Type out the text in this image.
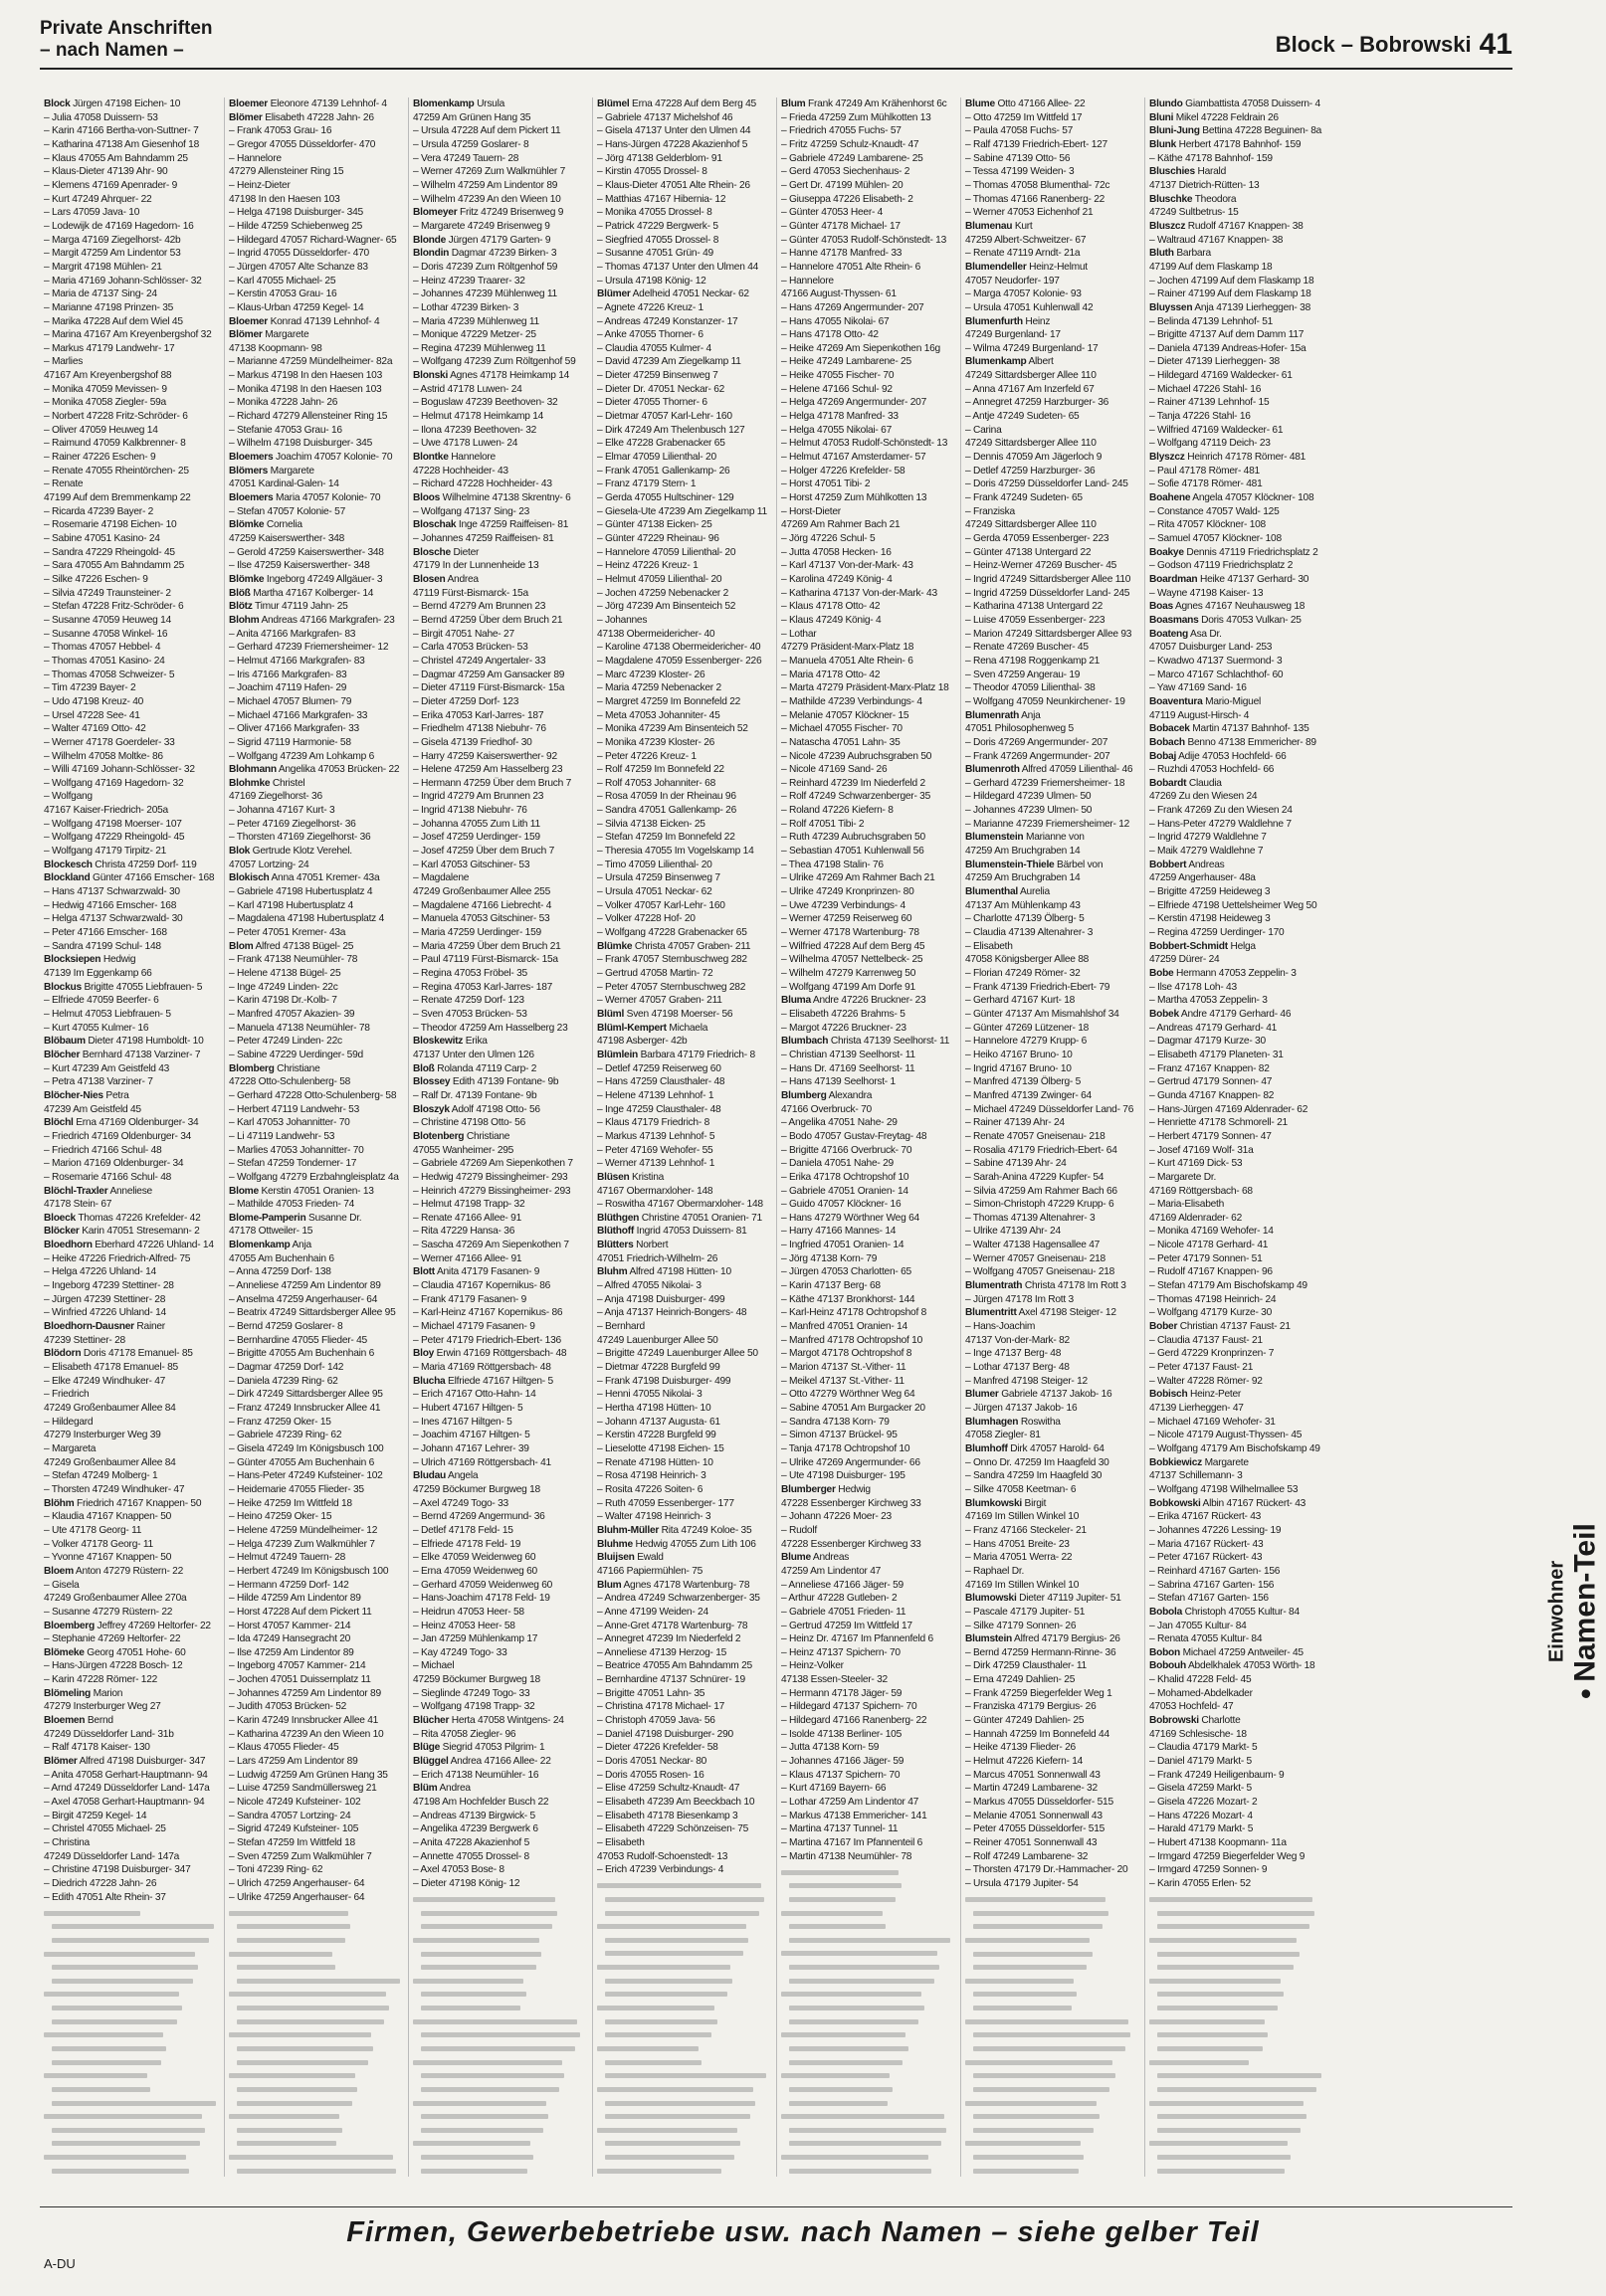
Private Anschriften
– nach Namen –	Block – Bobrowski 41
Block Jürgen 47198 Eichen- 10
– Julia 47058 Duissern- 53
– Karin 47166 Bertha-von-Suttner- 7
– Katharina 47138 Am Giesenhof 18
– Klaus 47055 Am Bahndamm 25
– Klaus-Dieter 47139 Ahr- 90
– Klemens 47169 Apenrader- 9
– Kurt 47249 Ahrquer- 22
– Lars 47059 Java- 10
– Lodewijk de 47169 Hagedorn- 16
– Marga 47169 Ziegelhorst- 42b
– Margit 47259 Am Lindentor 53
– Margrit 47198 Mühlen- 21
– Maria 47169 Johann-Schlösser- 32
– Maria de 47137 Sing- 24
– Marianne 47198 Prinzen- 35
– Marika 47228 Auf dem Wiel 45
– Marina 47167 Am Kreyenbergshof 32
– Markus 47179 Landwehr- 17
– Marlies
47167 Am Kreyenbergshof 88
– Monika 47059 Mevissen- 9
– Monika 47058 Ziegler- 59a
– Norbert 47228 Fritz-Schröder- 6
– Oliver 47059 Heuweg 14
– Raimund 47059 Kalkbrenner- 8
– Rainer 47226 Eschen- 9
– Renate 47055 Rheintörchen- 25
– Renate
47199 Auf dem Bremmenkamp 22
– Ricarda 47239 Bayer- 2
– Rosemarie 47198 Eichen- 10
– Sabine 47051 Kasino- 24
– Sandra 47229 Rheingold- 45
– Sara 47055 Am Bahndamm 25
– Silke 47226 Eschen- 9
– Silvia 47249 Traunsteiner- 2
– Stefan 47228 Fritz-Schröder- 6
– Susanne 47059 Heuweg 14
– Susanne 47058 Winkel- 16
– Thomas 47057 Hebbel- 4
– Thomas 47051 Kasino- 24
– Thomas 47058 Schweizer- 5
– Tim 47239 Bayer- 2
– Udo 47198 Kreuz- 40
– Ursel 47228 See- 41
– Walter 47169 Otto- 42
– Werner 47178 Goerdeler- 33
– Wilhelm 47058 Moltke- 86
– Willi 47169 Johann-Schlösser- 32
– Wolfgang 47169 Hagedorn- 32
– Wolfgang
47167 Kaiser-Friedrich- 205a
– Wolfgang 47198 Moerser- 107
– Wolfgang 47229 Rheingold- 45
– Wolfgang 47179 Tirpitz- 21
Blockesch Christa 47259 Dorf- 119
Blockland Günter 47166 Emscher- 168
– Hans 47137 Schwarzwald- 30
– Hedwig 47166 Emscher- 168
– Helga 47137 Schwarzwald- 30
– Peter 47166 Emscher- 168
– Sandra 47199 Schul- 148
Blocksiepen Hedwig
47139 Im Eggenkamp 66
Blockus Brigitte 47055 Liebfrauen- 5
– Elfriede 47059 Beerfer- 6
– Helmut 47053 Liebfrauen- 5
– Kurt 47055 Kulmer- 16
Blöbaum Dieter 47198 Humboldt- 10
Blöcher Bernhard 47138 Varziner- 7
– Kurt 47239 Am Geistfeld 43
– Petra 47138 Varziner- 7
Blöcher-Nies Petra
47239 Am Geistfeld 45
Blöchl Erna 47169 Oldenburger- 34
– Friedrich 47169 Oldenburger- 34
– Friedrich 47166 Schul- 48
– Marion 47169 Oldenburger- 34
– Rosemarie 47166 Schul- 48
Blöchl-Traxler Anneliese
47178 Stein- 67
Bloeck Thomas 47226 Krefelder- 42
Blöcker Karin 47051 Stresemann- 2
Bloedhorn Eberhard 47226 Uhland- 14
– Heike 47226 Friedrich-Alfred- 75
– Helga 47226 Uhland- 14
– Ingeborg 47239 Stettiner- 28
– Jürgen 47239 Stettiner- 28
– Winfried 47226 Uhland- 14
Bloedhorn-Dausner Rainer
47239 Stettiner- 28
Blödorn Doris 47178 Emanuel- 85
– Elisabeth 47178 Emanuel- 85
– Elke 47249 Windhuker- 47
– Friedrich
47249 Großenbaumer Allee 84
– Hildegard
47279 Insterburger Weg 39
– Margareta
47249 Großenbaumer Allee 84
– Stefan 47249 Molberg- 1
– Thorsten 47249 Windhuker- 47
Blöhm Friedrich 47167 Knappen- 50
– Klaudia 47167 Knappen- 50
– Ute 47178 Georg- 11
– Volker 47178 Georg- 11
– Yvonne 47167 Knappen- 50
Bloem Anton 47279 Rüstern- 22
– Gisela
47249 Großenbaumer Allee 270a
– Susanne 47279 Rüstern- 22
Bloemberg Jeffrey 47269 Heltorfer- 22
– Stephanie 47269 Heltorfer- 22
Blömeke Georg 47051 Hohe- 60
– Hans-Jürgen 47228 Bosch- 12
– Karin 47228 Römer- 122
Blömeling Marion
47279 Insterburger Weg 27
Bloemen Bernd
47249 Düsseldorfer Land- 31b
– Ralf 47178 Kaiser- 130
Blömer Alfred 47198 Duisburger- 347
– Anita 47058 Gerhart-Hauptmann- 94
– Arnd 47249 Düsseldorfer Land- 147a
– Axel 47058 Gerhart-Hauptmann- 94
– Birgit 47259 Kegel- 14
– Christel 47055 Michael- 25
– Christina
47249 Düsseldorfer Land- 147a
– Christine 47198 Duisburger- 347
– Diedrich 47228 Jahn- 26
– Edith 47051 Alte Rhein- 37
Bloemer Eleonore 47139 Lehnhof- 4
Blömer Elisabeth 47228 Jahn- 26
– Frank 47053 Grau- 16
– Gregor 47055 Düsseldorfer- 470
– Hannelore
47279 Allensteiner Ring 15
– Heinz-Dieter
47198 In den Haesen 103
– Helga 47198 Duisburger- 345
– Hilde 47259 Schiebenweg 25
– Hildegard 47057 Richard-Wagner- 65
– Ingrid 47055 Düsseldorfer- 470
– Jürgen 47057 Alte Schanze 83
– Karl 47055 Michael- 25
– Kerstin 47053 Grau- 16
– Klaus-Urban 47259 Kegel- 14
Bloemer Konrad 47139 Lehnhof- 4
Blömer Margarete
47138 Koopmann- 98
– Marianne 47259 Mündelheimer- 82a
– Markus 47198 In den Haesen 103
– Monika 47198 In den Haesen 103
– Monika 47228 Jahn- 26
– Richard 47279 Allensteiner Ring 15
– Stefanie 47053 Grau- 16
– Wilhelm 47198 Duisburger- 345
Bloemers Joachim 47057 Kolonie- 70
Blömers Margarete
47051 Kardinal-Galen- 14
Bloemers Maria 47057 Kolonie- 70
– Stefan 47057 Kolonie- 57
Blömke Cornelia
47259 Kaiserswerther- 348
– Gerold 47259 Kaiserswerther- 348
– Ilse 47259 Kaiserswerther- 348
Blömke Ingeborg 47249 Allgäuer- 3
Blöß Martha 47167 Kolberger- 14
Blötz Timur 47119 Jahn- 25
Blohm Andreas 47166 Markgrafen- 23
– Anita 47166 Markgrafen- 83
– Gerhard 47239 Friemersheimer- 12
– Helmut 47166 Markgrafen- 83
– Iris 47166 Markgrafen- 83
– Joachim 47119 Hafen- 29
– Michael 47057 Blumen- 79
– Michael 47166 Markgrafen- 33
– Oliver 47166 Markgrafen- 33
– Sigrid 47119 Harmonie- 58
– Wolfgang 47239 Am Lohkamp 6
Blohmann Angelika 47053 Brücken- 22
Blohmke Christel
47169 Ziegelhorst- 36
– Johanna 47167 Kurt- 3
– Peter 47169 Ziegelhorst- 36
– Thorsten 47169 Ziegelhorst- 36
Blok Gertrude Klotz Verehel.
47057 Lortzing- 24
Blokisch Anna 47051 Kremer- 43a
– Gabriele 47198 Hubertusplatz 4
– Karl 47198 Hubertusplatz 4
– Magdalena 47198 Hubertusplatz 4
– Peter 47051 Kremer- 43a
Blom Alfred 47138 Bügel- 25
– Frank 47138 Neumühler- 78
– Helene 47138 Bügel- 25
– Inge 47249 Linden- 22c
– Karin 47198 Dr.-Kolb- 7
– Manfred 47057 Akazien- 39
– Manuela 47138 Neumühler- 78
– Peter 47249 Linden- 22c
– Sabine 47229 Uerdinger- 59d
Blomberg Christiane
47228 Otto-Schulenberg- 58
– Gerhard 47228 Otto-Schulenberg- 58
– Herbert 47119 Landwehr- 53
– Karl 47053 Johannitter- 70
– Li 47119 Landwehr- 53
– Marlies 47053 Johannitter- 70
– Stefan 47259 Tonderner- 17
– Wolfgang 47279 Erzbahngleisplatz 4a
Blome Kerstin 47051 Oranien- 13
– Mathilde 47053 Frieden- 74
Blome-Pamperin Susanne Dr.
47178 Ottweiler- 15
Blomenkamp Anja
47055 Am Buchenhain 6
– Anna 47259 Dorf- 138
– Anneliese 47259 Am Lindentor 89
– Anselma 47259 Angerhauser- 64
– Beatrix 47249 Sittardsberger Allee 95
– Bernd 47259 Goslarer- 8
– Bernhardine 47055 Flieder- 45
– Brigitte 47055 Am Buchenhain 6
– Dagmar 47259 Dorf- 142
– Daniela 47239 Ring- 62
– Dirk 47249 Sittardsberger Allee 95
– Franz 47249 Innsbrucker Allee 41
– Franz 47259 Oker- 15
– Gabriele 47239 Ring- 62
– Gisela 47249 Im Königsbusch 100
– Günter 47055 Am Buchenhain 6
– Hans-Peter 47249 Kufsteiner- 102
– Heidemarie 47055 Flieder- 35
– Heike 47259 Im Wittfeld 18
– Heino 47259 Oker- 15
– Helene 47259 Mündelheimer- 12
– Helga 47239 Zum Walkmühler 7
– Helmut 47249 Tauern- 28
– Herbert 47249 Im Königsbusch 100
– Hermann 47259 Dorf- 142
– Hilde 47259 Am Lindentor 89
– Horst 47228 Auf dem Pickert 11
– Horst 47057 Kammer- 214
– Ida 47249 Hansegracht 20
– Ilse 47259 Am Lindentor 89
– Ingeborg 47057 Kammer- 214
– Jochen 47051 Duissernplatz 11
– Johannes 47259 Am Lindentor 89
– Judith 47053 Brücken- 52
– Karin 47249 Innsbrucker Allee 41
– Katharina 47239 An den Wieen 10
– Klaus 47055 Flieder- 45
– Lars 47259 Am Lindentor 89
– Ludwig 47259 Am Grünen Hang 35
– Luise 47259 Sandmüllersweg 21
– Nicole 47249 Kufsteiner- 102
– Sandra 47057 Lortzing- 24
– Sigrid 47249 Kufsteiner- 105
– Stefan 47259 Im Wittfeld 18
– Sven 47259 Zum Walkmühler 7
– Toni 47239 Ring- 62
– Ulrich 47259 Angerhauser- 64
– Ulrike 47259 Angerhauser- 64
Blomenkamp Ursula
47259 Am Grünen Hang 35
– Ursula 47228 Auf dem Pickert 11
– Ursula 47259 Goslarer- 8
– Vera 47249 Tauern- 28
– Werner 47269 Zum Walkmühler 7
– Wilhelm 47259 Am Lindentor 89
– Wilhelm 47239 An den Wieen 10
Blomeyer Fritz 47249 Brisenweg 9
– Margarete 47249 Brisenweg 9
Blonde Jürgen 47179 Garten- 9
Blondin Dagmar 47239 Birken- 3
– Doris 47239 Zum Röltgenhof 59
– Heinz 47239 Traarer- 32
– Johannes 47239 Mühlenweg 11
– Lothar 47239 Birken- 3
– Maria 47239 Mühlenweg 11
– Monique 47229 Metzer- 25
– Regina 47239 Mühlenweg 11
– Wolfgang 47239 Zum Röltgenhof 59
Blonski Agnes 47178 Heimkamp 14
– Astrid 47178 Luwen- 24
– Boguslaw 47239 Beethoven- 32
– Helmut 47178 Heimkamp 14
– Ilona 47239 Beethoven- 32
– Uwe 47178 Luwen- 24
Blontke Hannelore
47228 Hochheider- 43
– Richard 47228 Hochheider- 43
Bloos Wilhelmine 47138 Skrentny- 6
– Wolfgang 47137 Sing- 23
Bloschak Inge 47259 Raiffeisen- 81
– Johannes 47259 Raiffeisen- 81
Blosche Dieter
47179 In der Lunnenheide 13
Blosen Andrea
47119 Fürst-Bismarck- 15a
– Bernd 47279 Am Brunnen 23
– Bernd 47259 Über dem Bruch 21
– Birgit 47051 Nahe- 27
– Carla 47053 Brücken- 53
– Christel 47249 Angertaler- 33
– Dagmar 47259 Am Gansacker 89
– Dieter 47119 Fürst-Bismarck- 15a
– Dieter 47259 Dorf- 123
– Erika 47053 Karl-Jarres- 187
– Friedhelm 47138 Niebuhr- 76
– Gisela 47139 Friedhof- 30
– Harry 47259 Kaiserswerther- 92
– Helene 47259 Am Hasselberg 23
– Hermann 47259 Über dem Bruch 7
– Ingrid 47279 Am Brunnen 23
– Ingrid 47138 Niebuhr- 76
– Johanna 47055 Zum Lith 11
– Josef 47259 Uerdinger- 159
– Josef 47259 Über dem Bruch 7
– Karl 47053 Gitschiner- 53
– Magdalene
47249 Großenbaumer Allee 255
– Magdalene 47166 Liebrecht- 4
– Manuela 47053 Gitschiner- 53
– Maria 47259 Uerdinger- 159
– Maria 47259 Über dem Bruch 21
– Paul 47119 Fürst-Bismarck- 15a
– Regina 47053 Fröbel- 35
– Regina 47053 Karl-Jarres- 187
– Renate 47259 Dorf- 123
– Sven 47053 Brücken- 53
– Theodor 47259 Am Hasselberg 23
Bloskewitz Erika
47137 Unter den Ulmen 126
Bloß Rolanda 47119 Carp- 2
Blossey Edith 47139 Fontane- 9b
– Ralf Dr. 47139 Fontane- 9b
Bloszyk Adolf 47198 Otto- 56
– Christine 47198 Otto- 56
Blotenberg Christiane
47055 Wanheimer- 295
– Gabriele 47269 Am Siepenkothen 7
– Hedwig 47279 Bissingheimer- 293
– Heinrich 47279 Bissingheimer- 293
– Helmut 47198 Trapp- 32
– Renate 47166 Allee- 91
– Rita 47229 Hansa- 36
– Sascha 47269 Am Siepenkothen 7
– Werner 47166 Allee- 91
Blott Anita 47179 Fasanen- 9
– Claudia 47167 Kopernikus- 86
– Frank 47179 Fasanen- 9
– Karl-Heinz 47167 Kopernikus- 86
– Michael 47179 Fasanen- 9
– Peter 47179 Friedrich-Ebert- 136
Bloy Erwin 47169 Röttgersbach- 48
– Maria 47169 Röttgersbach- 48
Blucha Elfriede 47167 Hiltgen- 5
– Erich 47167 Otto-Hahn- 14
– Hubert 47167 Hiltgen- 5
– Ines 47167 Hiltgen- 5
– Joachim 47167 Hiltgen- 5
– Johann 47167 Lehrer- 39
– Ulrich 47169 Röttgersbach- 41
Bludau Angela
47259 Böckumer Burgweg 18
– Axel 47249 Togo- 33
– Bernd 47269 Angermund- 36
– Detlef 47178 Feld- 15
– Elfriede 47178 Feld- 19
– Elke 47059 Weidenweg 60
– Erna 47059 Weidenweg 60
– Gerhard 47059 Weidenweg 60
– Hans-Joachim 47178 Feld- 19
– Heidrun 47053 Heer- 58
– Heinz 47053 Heer- 58
– Jan 47259 Mühlenkamp 17
– Kay 47249 Togo- 33
– Michael
47259 Böckumer Burgweg 18
– Sieglinde 47249 Togo- 33
– Wolfgang 47198 Trapp- 32
Blücher Herta 47058 Wintgens- 24
– Rita 47058 Ziegler- 96
Blüge Siegrid 47053 Pilgrim- 1
Blüggel Andrea 47166 Allee- 22
– Erich 47138 Neumühler- 16
Blüm Andrea
47198 Am Hochfelder Busch 22
– Andreas 47139 Birgwick- 5
– Angelika 47239 Bergwerk 6
– Anita 47228 Akazienhof 5
– Annette 47055 Drossel- 8
– Axel 47053 Bose- 8
– Dieter 47198 König- 12
Blümel Erna 47228 Auf dem Berg 45
– Gabriele 47137 Michelshof 46
– Gisela 47137 Unter den Ulmen 44
– Hans-Jürgen 47228 Akazienhof 5
– Jörg 47138 Gelderblom- 91
– Kirstin 47055 Drossel- 8
– Klaus-Dieter 47051 Alte Rhein- 26
– Matthias 47167 Hibernia- 12
– Monika 47055 Drossel- 8
– Patrick 47229 Bergwerk- 5
– Siegfried 47055 Drossel- 8
– Susanne 47051 Grün- 49
– Thomas 47137 Unter den Ulmen 44
– Ursula 47198 König- 12
Blümer Adelheid 47051 Neckar- 62
– Agnete 47226 Kreuz- 1
– Andreas 47249 Konstanzer- 17
– Anke 47055 Thorner- 6
– Claudia 47055 Kulmer- 4
– David 47239 Am Ziegelkamp 11
– Dieter 47259 Binsenweg 7
– Dieter Dr. 47051 Neckar- 62
– Dieter 47055 Thorner- 6
– Dietmar 47057 Karl-Lehr- 160
– Dirk 47249 Am Thelenbusch 127
– Elke 47228 Grabenacker 65
– Elmar 47059 Lilienthal- 20
– Frank 47051 Gallenkamp- 26
– Franz 47179 Stern- 1
– Gerda 47055 Hultschiner- 129
– Giesela-Ute 47239 Am Ziegelkamp 11
– Günter 47138 Eicken- 25
– Günter 47229 Rheinau- 96
– Hannelore 47059 Lilienthal- 20
– Heinz 47226 Kreuz- 1
– Helmut 47059 Lilienthal- 20
– Jochen 47259 Nebenacker 2
– Jörg 47239 Am Binsenteich 52
– Johannes
47138 Obermeidericher- 40
– Karoline 47138 Obermeidericher- 40
– Magdalene 47059 Essenberger- 226
– Marc 47239 Kloster- 26
– Maria 47259 Nebenacker 2
– Margret 47259 Im Bonnefeld 22
– Meta 47053 Johanniter- 45
– Monika 47239 Am Binsenteich 52
– Monika 47239 Kloster- 26
– Peter 47226 Kreuz- 1
– Rolf 47259 Im Bonnefeld 22
– Rolf 47053 Johanniter- 68
– Rosa 47059 In der Rheinau 96
– Sandra 47051 Gallenkamp- 26
– Silvia 47138 Eicken- 25
– Stefan 47259 Im Bonnefeld 22
– Theresia 47055 Im Vogelskamp 14
– Timo 47059 Lilienthal- 20
– Ursula 47259 Binsenweg 7
– Ursula 47051 Neckar- 62
– Volker 47057 Karl-Lehr- 160
– Volker 47228 Hof- 20
– Wolfgang 47228 Grabenacker 65
Blümke Christa 47057 Graben- 211
– Frank 47057 Sternbuschweg 282
– Gertrud 47058 Martin- 72
– Peter 47057 Sternbuschweg 282
– Werner 47057 Graben- 211
Blüml Sven 47198 Moerser- 56
Blüml-Kempert Michaela
47198 Asberger- 42b
Blümlein Barbara 47179 Friedrich- 8
– Detlef 47259 Reiserweg 60
– Hans 47259 Clausthaler- 48
– Helene 47139 Lehnhof- 1
– Inge 47259 Clausthaler- 48
– Klaus 47179 Friedrich- 8
– Markus 47139 Lehnhof- 5
– Peter 47169 Wehofer- 55
– Werner 47139 Lehnhof- 1
Blüsen Kristina
47167 Obermarxloher- 148
– Roswitha 47167 Obermarxloher- 148
Blüthgen Christine 47051 Oranien- 71
Blüthoff Ingrid 47053 Duissern- 81
Blütters Norbert
47051 Friedrich-Wilhelm- 26
Bluhm Alfred 47198 Hütten- 10
– Alfred 47055 Nikolai- 3
– Anja 47198 Duisburger- 499
– Anja 47137 Heinrich-Bongers- 48
– Bernhard
47249 Lauenburger Allee 50
– Brigitte 47249 Lauenburger Allee 50
– Dietmar 47228 Burgfeld 99
– Frank 47198 Duisburger- 499
– Henni 47055 Nikolai- 3
– Hertha 47198 Hütten- 10
– Johann 47137 Augusta- 61
– Kerstin 47228 Burgfeld 99
– Lieselotte 47198 Eichen- 15
– Renate 47198 Hütten- 10
– Rosa 47198 Heinrich- 3
– Rosita 47226 Soiten- 6
– Ruth 47059 Essenberger- 177
– Walter 47198 Heinrich- 3
Bluhm-Müller Rita 47249 Koloe- 35
Bluhme Hedwig 47055 Zum Lith 106
Bluijsen Ewald
47166 Papiermühlen- 75
Blum Agnes 47178 Wartenburg- 78
– Andrea 47249 Schwarzenberger- 35
– Anne 47199 Weiden- 24
– Anne-Gret 47178 Wartenburg- 78
– Annegret 47239 Im Niederfeld 2
– Anneliese 47139 Herzog- 15
– Beatrice 47055 Am Bahndamm 25
– Bernhardine 47137 Schnürer- 19
– Brigitte 47051 Lahn- 35
– Christina 47178 Michael- 17
– Christoph 47059 Java- 56
– Daniel 47198 Duisburger- 290
– Dieter 47226 Krefelder- 58
– Doris 47051 Neckar- 80
– Doris 47055 Rosen- 16
– Elise 47259 Schultz-Knaudt- 47
– Elisabeth 47239 Am Beeckbach 10
– Elisabeth 47178 Biesenkamp 3
– Elisabeth 47229 Schönzeisen- 75
– Elisabeth
47053 Rudolf-Schoenstedt- 13
– Erich 47239 Verbindungs- 4
Blum Frank 47249 Am Krähenhorst 6c
– Frieda 47259 Zum Mühlkotten 13
– Friedrich 47055 Fuchs- 57
– Fritz 47259 Schulz-Knaudt- 47
– Gabriele 47249 Lambarene- 25
– Gerd 47053 Siechenhaus- 2
– Gert Dr. 47199 Mühlen- 20
– Giuseppa 47226 Elisabeth- 2
– Günter 47053 Heer- 4
– Günter 47178 Michael- 17
– Günter 47053 Rudolf-Schönstedt- 13
– Hanne 47178 Manfred- 33
– Hannelore 47051 Alte Rhein- 6
– Hannelore
47166 August-Thyssen- 61
– Hans 47269 Angermunder- 207
– Hans 47055 Nikolai- 67
– Hans 47178 Otto- 42
– Heike 47269 Am Siepenkothen 16g
– Heike 47249 Lambarene- 25
– Heike 47055 Fischer- 70
– Helene 47166 Schul- 92
– Helga 47269 Angermunder- 207
– Helga 47178 Manfred- 33
– Helga 47055 Nikolai- 67
– Helmut 47053 Rudolf-Schönstedt- 13
– Helmut 47167 Amsterdamer- 57
– Holger 47226 Krefelder- 58
– Horst 47051 Tibi- 2
– Horst 47259 Zum Mühlkotten 13
– Horst-Dieter
47269 Am Rahmer Bach 21
– Jörg 47226 Schul- 5
– Jutta 47058 Hecken- 16
– Karl 47137 Von-der-Mark- 43
– Karolina 47249 König- 4
– Katharina 47137 Von-der-Mark- 43
– Klaus 47178 Otto- 42
– Klaus 47249 König- 4
– Lothar
47279 Präsident-Marx-Platz 18
– Manuela 47051 Alte Rhein- 6
– Maria 47178 Otto- 42
– Marta 47279 Präsident-Marx-Platz 18
– Mathilde 47239 Verbindungs- 4
– Melanie 47057 Klöckner- 15
– Michael 47055 Fischer- 70
– Natascha 47051 Lahn- 35
– Nicole 47239 Aubruchsgraben 50
– Nicole 47169 Sand- 26
– Reinhard 47239 Im Niederfeld 2
– Rolf 47249 Schwarzenberger- 35
– Roland 47226 Kiefern- 8
– Rolf 47051 Tibi- 2
– Ruth 47239 Aubruchsgraben 50
– Sebastian 47051 Kuhlenwall 56
– Thea 47198 Stalin- 76
– Ulrike 47269 Am Rahmer Bach 21
– Ulrike 47249 Kronprinzen- 80
– Uwe 47239 Verbindungs- 4
– Werner 47259 Reiserweg 60
– Werner 47178 Wartenburg- 78
– Wilfried 47228 Auf dem Berg 45
– Wilhelma 47057 Nettelbeck- 25
– Wilhelm 47279 Karrenweg 50
– Wolfgang 47199 Am Dorfe 91
Bluma Andre 47226 Bruckner- 23
– Elisabeth 47226 Brahms- 5
– Margot 47226 Bruckner- 23
Blumbach Christa 47139 Seelhorst- 11
– Christian 47139 Seelhorst- 11
– Hans Dr. 47169 Seelhorst- 11
– Hans 47139 Seelhorst- 1
Blumberg Alexandra
47166 Overbruck- 70
– Angelika 47051 Nahe- 29
– Bodo 47057 Gustav-Freytag- 48
– Brigitte 47166 Overbruck- 70
– Daniela 47051 Nahe- 29
– Erika 47178 Ochtropshof 10
– Gabriele 47051 Oranien- 14
– Guido 47057 Klöckner- 16
– Hans 47279 Wörthner Weg 64
– Harry 47166 Mannes- 14
– Ingfried 47051 Oranien- 14
– Jörg 47138 Korn- 79
– Jürgen 47053 Charlotten- 65
– Karin 47137 Berg- 68
– Käthe 47137 Bronkhorst- 144
– Karl-Heinz 47178 Ochtropshof 8
– Manfred 47051 Oranien- 14
– Manfred 47178 Ochtropshof 10
– Margot 47178 Ochtropshof 8
– Marion 47137 St.-Vither- 11
– Meikel 47137 St.-Vither- 11
– Otto 47279 Wörthner Weg 64
– Sabine 47051 Am Burgacker 20
– Sandra 47138 Korn- 79
– Simon 47137 Brückel- 95
– Tanja 47178 Ochtropshof 10
– Ulrike 47269 Angermunder- 66
– Ute 47198 Duisburger- 195
Blumberger Hedwig
47228 Essenberger Kirchweg 33
– Johann 47226 Moer- 23
– Rudolf
47228 Essenberger Kirchweg 33
Blume Andreas
47259 Am Lindentor 47
– Anneliese 47166 Jäger- 59
– Arthur 47228 Gutleben- 2
– Gabriele 47051 Frieden- 11
– Gertrud 47259 Im Wittfeld 17
– Heinz Dr. 47167 Im Pfannenfeld 6
– Heinz 47137 Spichern- 70
– Heinz-Volker
47138 Essen-Steeler- 32
– Hermann 47178 Jäger- 59
– Hildegard 47137 Spichern- 70
– Hildegard 47166 Ranenberg- 22
– Isolde 47138 Berliner- 105
– Jutta 47138 Korn- 59
– Johannes 47166 Jäger- 59
– Klaus 47137 Spichern- 70
– Kurt 47169 Bayern- 66
– Lothar 47259 Am Lindentor 47
– Markus 47138 Emmericher- 141
– Martina 47137 Tunnel- 11
– Martina 47167 Im Pfannenteil 6
– Martin 47138 Neumühler- 78
Blume Otto 47166 Allee- 22
– Otto 47259 Im Wittfeld 17
– Paula 47058 Fuchs- 57
– Ralf 47139 Friedrich-Ebert- 127
– Sabine 47139 Otto- 56
– Tessa 47199 Weiden- 3
– Thomas 47058 Blumenthal- 72c
– Thomas 47166 Ranenberg- 22
– Werner 47053 Eichenhof 21
Blumenau Kurt
47259 Albert-Schweitzer- 67
– Renate 47119 Arndt- 21a
Blumendeller Heinz-Helmut
47057 Neudorfer- 197
– Marga 47057 Kolonie- 93
– Ursula 47051 Kuhlenwall 42
Blumenfurth Heinz
47249 Burgenland- 17
– Wilma 47249 Burgenland- 17
Blumenkamp Albert
47249 Sittardsberger Allee 110
– Anna 47167 Am Inzerfeld 67
– Annegret 47259 Harzburger- 36
– Antje 47249 Sudeten- 65
– Carina
47249 Sittardsberger Allee 110
– Dennis 47059 Am Jägerloch 9
– Detlef 47259 Harzburger- 36
– Doris 47259 Düsseldorfer Land- 245
– Frank 47249 Sudeten- 65
– Franziska
47249 Sittardsberger Allee 110
– Gerda 47059 Essenberger- 223
– Günter 47138 Untergard 22
– Heinz-Werner 47269 Buscher- 45
– Ingrid 47249 Sittardsberger Allee 110
– Ingrid 47259 Düsseldorfer Land- 245
– Katharina 47138 Untergard 22
– Luise 47059 Essenberger- 223
– Marion 47249 Sittardsberger Allee 93
– Renate 47269 Buscher- 45
– Rena 47198 Roggenkamp 21
– Sven 47259 Angerau- 19
– Theodor 47059 Lilienthal- 38
– Wolfgang 47059 Neunkirchener- 19
Blumenrath Anja
47051 Philosophenweg 5
– Doris 47269 Angermunder- 207
– Frank 47269 Angermunder- 207
Blumenroth Alfred 47059 Lilienthal- 46
– Gerhard 47239 Friemersheimer- 18
– Hildegard 47239 Ulmen- 50
– Johannes 47239 Ulmen- 50
– Marianne 47239 Friemersheimer- 12
Blumenstein Marianne von
47259 Am Bruchgraben 14
Blumenstein-Thiele Bärbel von
47259 Am Bruchgraben 14
Blumenthal Aurelia
47137 Am Mühlenkamp 43
– Charlotte 47139 Ölberg- 5
– Claudia 47139 Altenahrer- 3
– Elisabeth
47058 Königsberger Allee 88
– Florian 47249 Römer- 32
– Frank 47139 Friedrich-Ebert- 79
– Gerhard 47167 Kurt- 18
– Günter 47137 Am Mismahlshof 34
– Günter 47269 Lützener- 18
– Hannelore 47279 Krupp- 6
– Heiko 47167 Bruno- 10
– Ingrid 47167 Bruno- 10
– Manfred 47139 Ölberg- 5
– Manfred 47139 Zwinger- 64
– Michael 47249 Düsseldorfer Land- 76
– Rainer 47139 Ahr- 24
– Renate 47057 Gneisenau- 218
– Rosalia 47179 Friedrich-Ebert- 64
– Sabine 47139 Ahr- 24
– Sarah-Anina 47229 Kupfer- 54
– Silvia 47259 Am Rahmer Bach 66
– Simon-Christoph 47229 Krupp- 6
– Thomas 47139 Altenahrer- 3
– Ulrike 47139 Ahr- 24
– Walter 47138 Hagensallee 47
– Werner 47057 Gneisenau- 218
– Wolfgang 47057 Gneisenau- 218
Blumentrath Christa 47178 Im Rott 3
– Jürgen 47178 Im Rott 3
Blumentritt Axel 47198 Steiger- 12
– Hans-Joachim
47137 Von-der-Mark- 82
– Inge 47137 Berg- 48
– Lothar 47137 Berg- 48
– Manfred 47198 Steiger- 12
Blumer Gabriele 47137 Jakob- 16
– Jürgen 47137 Jakob- 16
Blumhagen Roswitha
47058 Ziegler- 81
Blumhoff Dirk 47057 Harold- 64
– Onno Dr. 47259 Im Haagfeld 30
– Sandra 47259 Im Haagfeld 30
– Silke 47058 Keetman- 6
Blumkowski Birgit
47169 Im Stillen Winkel 10
– Franz 47166 Steckeler- 21
– Hans 47051 Breite- 23
– Maria 47051 Werra- 22
– Raphael Dr.
47169 Im Stillen Winkel 10
Blumowski Dieter 47119 Jupiter- 51
– Pascale 47179 Jupiter- 51
– Silke 47179 Sonnen- 26
Blumstein Alfred 47179 Bergius- 26
– Bernd 47259 Hermann-Rinne- 36
– Dirk 47259 Clausthaler- 11
– Erna 47249 Dahlien- 25
– Frank 47259 Biegerfelder Weg 1
– Franziska 47179 Bergius- 26
– Günter 47249 Dahlien- 25
– Hannah 47259 Im Bonnefeld 44
– Heike 47139 Flieder- 26
– Helmut 47226 Kiefern- 14
– Marcus 47051 Sonnenwall 43
– Martin 47249 Lambarene- 32
– Markus 47055 Düsseldorfer- 515
– Melanie 47051 Sonnenwall 43
– Peter 47055 Düsseldorfer- 515
– Reiner 47051 Sonnenwall 43
– Rolf 47249 Lambarene- 32
– Thorsten 47179 Dr.-Hammacher- 20
– Ursula 47179 Jupiter- 54
Blundo Giambattista 47058 Duissern- 4
Bluni Mikel 47228 Feldrain 26
Bluni-Jung Bettina 47228 Beguinen- 8a
Blunk Herbert 47178 Bahnhof- 159
– Käthe 47178 Bahnhof- 159
Bluschies Harald
47137 Dietrich-Rütten- 13
Bluschke Theodora
47249 Sultbetrus- 15
Bluszcz Rudolf 47167 Knappen- 38
– Waltraud 47167 Knappen- 38
Bluth Barbara
47199 Auf dem Flaskamp 18
– Jochen 47199 Auf dem Flaskamp 18
– Rainer 47199 Auf dem Flaskamp 18
Bluyssen Anja 47139 Lierheggen- 38
– Belinda 47139 Lehnhof- 51
– Brigitte 47137 Auf dem Damm 117
– Daniela 47139 Andreas-Hofer- 15a
– Dieter 47139 Lierheggen- 38
– Hildegard 47169 Waldecker- 61
– Michael 47226 Stahl- 16
– Rainer 47139 Lehnhof- 15
– Tanja 47226 Stahl- 16
– Wilfried 47169 Waldecker- 61
– Wolfgang 47119 Deich- 23
Blyszcz Heinrich 47178 Römer- 481
– Paul 47178 Römer- 481
– Sofie 47178 Römer- 481
Boahene Angela 47057 Klöckner- 108
– Constance 47057 Wald- 125
– Rita 47057 Klöckner- 108
– Samuel 47057 Klöckner- 108
Boakye Dennis 47119 Friedrichsplatz 2
– Godson 47119 Friedrichsplatz 2
Boardman Heike 47137 Gerhard- 30
– Wayne 47198 Kaiser- 13
Boas Agnes 47167 Neuhausweg 18
Boasmans Doris 47053 Vulkan- 25
Boateng Asa Dr.
47057 Duisburger Land- 253
– Kwadwo 47137 Suermond- 3
– Marco 47167 Schlachthof- 60
– Yaw 47169 Sand- 16
Boaventura Mario-Miguel
47119 August-Hirsch- 4
Bobacek Martin 47137 Bahnhof- 135
Bobach Benno 47138 Emmericher- 89
Bobaj Adije 47053 Hochfeld- 66
– Ruzhdi 47053 Hochfeld- 66
Bobardt Claudia
47269 Zu den Wiesen 24
– Frank 47269 Zu den Wiesen 24
– Hans-Peter 47279 Waldlehne 7
– Ingrid 47279 Waldlehne 7
– Maik 47279 Waldlehne 7
Bobbert Andreas
47259 Angerhauser- 48a
– Brigitte 47259 Heideweg 3
– Elfriede 47198 Uettelsheimer Weg 50
– Kerstin 47198 Heideweg 3
– Regina 47259 Uerdinger- 170
Bobbert-Schmidt Helga
47259 Dürer- 24
Bobe Hermann 47053 Zeppelin- 3
– Ilse 47178 Loh- 43
– Martha 47053 Zeppelin- 3
Bobek Andre 47179 Gerhard- 46
– Andreas 47179 Gerhard- 41
– Dagmar 47179 Kurze- 30
– Elisabeth 47179 Planeten- 31
– Franz 47167 Knappen- 82
– Gertrud 47179 Sonnen- 47
– Gunda 47167 Knappen- 82
– Hans-Jürgen 47169 Aldenrader- 62
– Henriette 47178 Schmorell- 21
– Herbert 47179 Sonnen- 47
– Josef 47169 Wolf- 31a
– Kurt 47169 Dick- 53
– Margarete Dr.
47169 Röttgersbach- 68
– Maria-Elisabeth
47169 Aldenrader- 62
– Monika 47169 Wehofer- 14
– Nicole 47178 Gerhard- 41
– Peter 47179 Sonnen- 51
– Rudolf 47167 Knappen- 96
– Stefan 47179 Am Bischofskamp 49
– Thomas 47198 Heinrich- 24
– Wolfgang 47179 Kurze- 30
Bober Christian 47137 Faust- 21
– Claudia 47137 Faust- 21
– Gerd 47229 Kronprinzen- 7
– Peter 47137 Faust- 21
– Walter 47228 Römer- 92
Bobisch Heinz-Peter
47139 Lierheggen- 47
– Michael 47169 Wehofer- 31
– Nicole 47179 August-Thyssen- 45
– Wolfgang 47179 Am Bischofskamp 49
Bobkiewicz Margarete
47137 Schillemann- 3
– Wolfgang 47198 Wilhelmallee 53
Bobkowski Albin 47167 Rückert- 43
– Erika 47167 Rückert- 43
– Johannes 47226 Lessing- 19
– Maria 47167 Rückert- 43
– Peter 47167 Rückert- 43
– Reinhard 47167 Garten- 156
– Sabrina 47167 Garten- 156
– Stefan 47167 Garten- 156
Bobola Christoph 47055 Kultur- 84
– Jan 47055 Kultur- 84
– Renata 47055 Kultur- 84
Bobon Michael 47259 Antweiler- 45
Bobouh Abdelkhalek 47053 Wörth- 18
– Khalid 47228 Feld- 45
– Mohamed-Abdelkader
47053 Hochfeld- 47
Bobrowski Charlotte
47169 Schlesische- 18
– Claudia 47179 Markt- 5
– Daniel 47179 Markt- 5
– Frank 47249 Heiligenbaum- 9
– Gisela 47259 Markt- 5
– Gisela 47226 Mozart- 2
– Hans 47226 Mozart- 4
– Harald 47179 Markt- 5
– Hubert 47138 Koopmann- 11a
– Irmgard 47259 Biegerfelder Weg 9
– Irmgard 47259 Sonnen- 9
– Karin 47055 Erlen- 52
Einwohner
● Namen-Teil
Firmen, Gewerbebetriebe usw. nach Namen – siehe gelber Teil
A-DU
